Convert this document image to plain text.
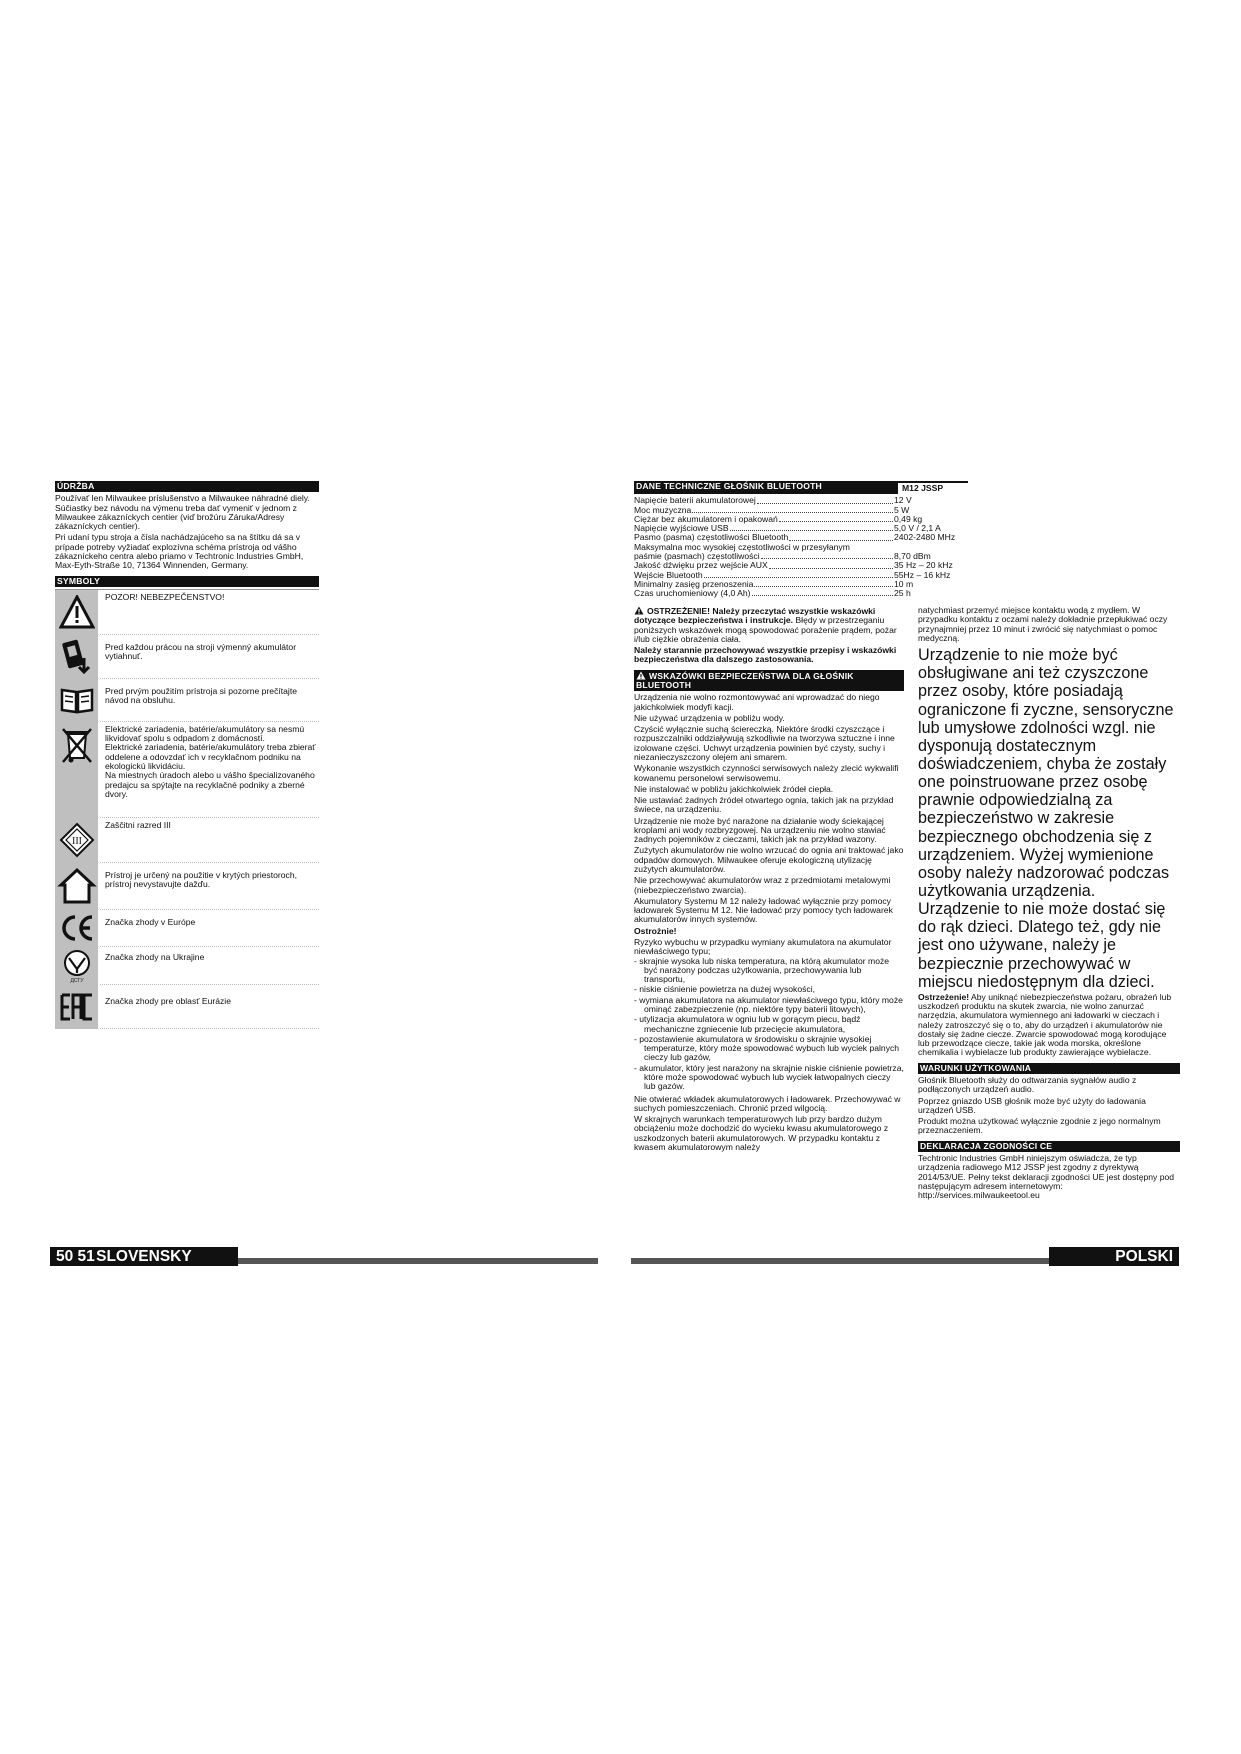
ÚDRŽBA

Používať len Milwaukee príslušenstvo a Milwaukee náhradné diely. Súčiastky bez návodu na výmenu treba dať vymeniť v jednom z Milwaukee zákazníckych centier (viď brožúru Záruka/Adresy zákazníckych centier).

Pri udaní typu stroja a čísla nachádzajúceho sa na štítku dá sa v prípade potreby vyžiadať explozívna schéma prístroja od vášho zákazníckeho centra alebo priamo v Techtronic Industries GmbH, Max-Eyth-Straße 10, 71364 Winnenden, Germany.

SYMBOLY
POZOR! NEBEZPEČENSTVO!
Pred každou prácou na stroji výmenný akumulátor vytiahnuť.
Pred prvým použitím prístroja si pozorne prečítajte návod na obsluhu.
Elektrické zariadenia, batérie/akumulátory sa nesmú likvidovať spolu s odpadom z domácností.
Elektrické zariadenia, batérie/akumulátory treba zbierať oddelene a odovzdať ich v recyklačnom podniku na ekologickú likvidáciu.
Na miestnych úradoch alebo u vášho špecializovaného predajcu sa spýtajte na recyklačné podniky a zberné dvory.
III
Zaščitni razred III
Prístroj je určený na použitie v krytých priestoroch, prístroj nevystavujte dažďu.
Značka zhody v Európe
ДСТУ
Značka zhody na Ukrajine
Značka zhody pre oblasť Eurázie
50 51 SLOVENSKY
DANE TECHNICZNE GŁOŚNIK BLUETOOTH	M12 JSSP
Napięcie baterii akumulatorowej	12 V
Moc muzyczna	5 W
Ciężar bez akumulatorem i opakowań	0,49 kg
Napięcie wyjściowe USB	5,0 V / 2,1 A
Pasmo (pasma) częstotliwości Bluetooth	2402-2480 MHz
Maksymalna moc wysokiej częstotliwości w przesyłanym
paśmie (pasmach) częstotliwości	8,70 dBm
Jakość dźwięku przez wejście AUX	35 Hz – 20 kHz
Wejście Bluetooth	55Hz – 16 kHz
Minimalny zasięg przenoszenia	10 m
Czas uruchomieniowy (4,0 Ah)	25 h

OSTRZEŻENIE! Należy przeczytać wszystkie wskazówki dotyczące bezpieczeństwa i instrukcje. Błędy w przestrzeganiu poniższych wskazówek mogą spowodować porażenie prądem, pożar i/lub ciężkie obrażenia ciała.

Należy starannie przechowywać wszystkie przepisy i wskazówki bezpieczeństwa dla dalszego zastosowania.

WSKAZÓWKI BEZPIECZEŃSTWA DLA GŁOŚNIK BLUETOOTH

Urządzenia nie wolno rozmontowywać ani wprowadzać do niego jakichkolwiek modyfi kacji.

Nie używać urządzenia w pobliżu wody.

Czyścić wyłącznie suchą ściereczką. Niektóre środki czyszczące i rozpuszczalniki oddziaływują szkodliwie na tworzywa sztuczne i inne izolowane części. Uchwyt urządzenia powinien być czysty, suchy i niezanieczyszczony olejem ani smarem.

Wykonanie wszystkich czynności serwisowych należy zlecić wykwalifi kowanemu personelowi serwisowemu.

Nie instalować w pobliżu jakichkolwiek źródeł ciepła.

Nie ustawiać żadnych źródeł otwartego ognia, takich jak na przykład świece, na urządzeniu.

Urządzenie nie może być narażone na działanie wody ściekającej kroplami ani wody rozbryzgowej. Na urządzeniu nie wolno stawiać żadnych pojemników z cieczami, takich jak na przykład wazony.

Zużytych akumulatorów nie wolno wrzucać do ognia ani traktować jako odpadów domowych. Milwaukee oferuje ekologiczną utylizację zużytych akumulatorów.

Nie przechowywać akumulatorów wraz z przedmiotami metalowymi (niebezpieczeństwo zwarcia).

Akumulatory Systemu M 12 należy ładować wyłącznie przy pomocy ładowarek Systemu M 12. Nie ładować przy pomocy tych ładowarek akumulatorów innych systemów.

Ostrożnie!

Ryzyko wybuchu w przypadku wymiany akumulatora na akumulator niewłaściwego typu;

- skrajnie wysoka lub niska temperatura, na którą akumulator może być narażony podczas użytkowania, przechowywania lub transportu,
- niskie ciśnienie powietrza na dużej wysokości,
- wymiana akumulatora na akumulator niewłaściwego typu, który może ominąć zabezpieczenie (np. niektóre typy baterii litowych),
- utylizacja akumulatora w ogniu lub w gorącym piecu, bądź mechaniczne zgniecenie lub przecięcie akumulatora,
- pozostawienie akumulatora w środowisku o skrajnie wysokiej temperaturze, który może spowodować wybuch lub wyciek palnych cieczy lub gazów,
- akumulator, który jest narażony na skrajnie niskie ciśnienie powietrza, które może spowodować wybuch lub wyciek łatwopalnych cieczy lub gazów.

Nie otwierać wkładek akumulatorowych i ładowarek. Przechowywać w suchych pomieszczeniach. Chronić przed wilgocią.

W skrajnych warunkach temperaturowych lub przy bardzo dużym obciążeniu może dochodzić do wycieku kwasu akumulatorowego z uszkodzonych baterii akumulatorowych. W przypadku kontaktu z kwasem akumulatorowym należy

natychmiast przemyć miejsce kontaktu wodą z mydłem. W przypadku kontaktu z oczami należy dokładnie przepłukiwać oczy przynajmniej przez 10 minut i zwrócić się natychmiast o pomoc medyczną.

Urządzenie to nie może być obsługiwane ani też czyszczone przez osoby, które posiadają ograniczone fi zyczne, sensoryczne lub umysłowe zdolności wzgl. nie dysponują dostatecznym doświadczeniem, chyba że zostały one poinstruowane przez osobę prawnie odpowiedzialną za bezpieczeństwo w zakresie bezpiecznego obchodzenia się z urządzeniem. Wyżej wymienione osoby należy nadzorować podczas użytkowania urządzenia. Urządzenie to nie może dostać się do rąk dzieci. Dlatego też, gdy nie jest ono używane, należy je bezpiecznie przechowywać w miejscu niedostępnym dla dzieci.

Ostrzeżenie! Aby uniknąć niebezpieczeństwa pożaru, obrażeń lub uszkodzeń produktu na skutek zwarcia, nie wolno zanurzać narzędzia, akumulatora wymiennego ani ładowarki w cieczach i należy zatroszczyć się o to, aby do urządzeń i akumulatorów nie dostały się żadne ciecze. Zwarcie spowodować mogą korodujące lub przewodzące ciecze, takie jak woda morska, określone chemikalia i wybielacze lub produkty zawierające wybielacze.

WARUNKI UŻYTKOWANIA

Głośnik Bluetooth służy do odtwarzania sygnałów audio z podłączonych urządzeń audio.

Poprzez gniazdo USB głośnik może być użyty do ładowania urządzeń USB.

Produkt można użytkować wyłącznie zgodnie z jego normalnym przeznaczeniem.

DEKLARACJA ZGODNOŚCI CE

Techtronic Industries GmbH niniejszym oświadcza, że typ urządzenia radiowego M12 JSSP jest zgodny z dyrektywą 2014/53/UE. Pełny tekst deklaracji zgodności UE jest dostępny pod następującym adresem internetowym: http://services.milwaukeetool.eu

POLSKI
